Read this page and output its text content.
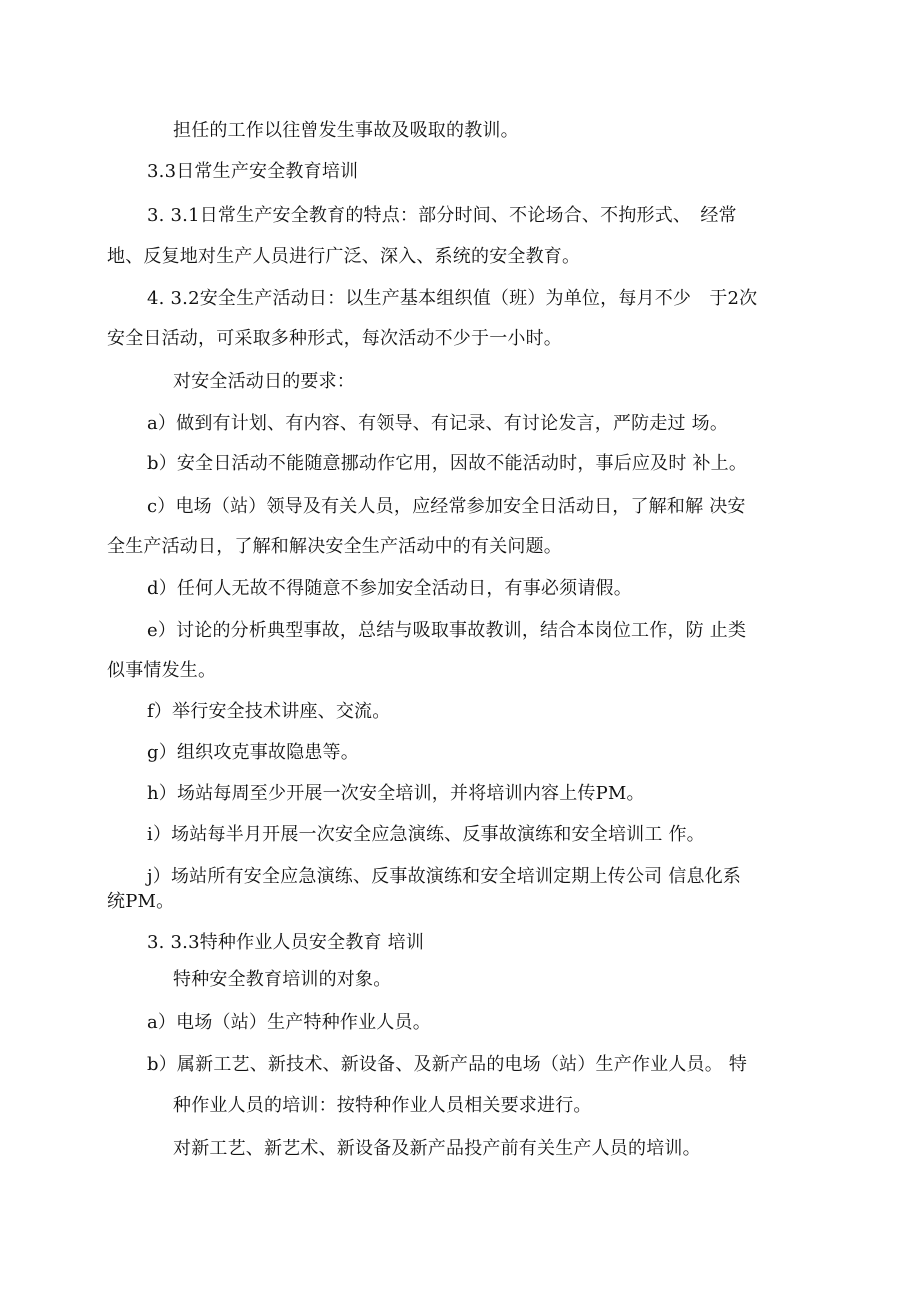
担任的工作以往曾发生事故及吸取的教训。
3.3日常生产安全教育培训
3. 3.1日常生产安全教育的特点：部分时间、不论场合、不拘形式、　经常
地、反复地对生产人员进行广泛、深入、系统的安全教育。
4. 3.2安全生产活动日：以生产基本组织值（班）为单位，每月不少　于2次
安全日活动，可采取多种形式，每次活动不少于一小时。
对安全活动日的要求：
a）做到有计划、有内容、有领导、有记录、有讨论发言，严防走过 场。
b）安全日活动不能随意挪动作它用，因故不能活动时，事后应及时 补上。
c）电场（站）领导及有关人员，应经常参加安全日活动日，了解和解 决安
全生产活动日，了解和解决安全生产活动中的有关问题。
d）任何人无故不得随意不参加安全活动日，有事必须请假。
e）讨论的分析典型事故，总结与吸取事故教训，结合本岗位工作，防 止类
似事情发生。
f）举行安全技术讲座、交流。
g）组织攻克事故隐患等。
h）场站每周至少开展一次安全培训，并将培训内容上传PM。
i）场站每半月开展一次安全应急演练、反事故演练和安全培训工 作。
j）场站所有安全应急演练、反事故演练和安全培训定期上传公司 信息化系
统PM。
3. 3.3特种作业人员安全教育 培训
特种安全教育培训的对象。
a）电场（站）生产特种作业人员。
b）属新工艺、新技术、新设备、及新产品的电场（站）生产作业人员。 特
种作业人员的培训：按特种作业人员相关要求进行。
对新工艺、新艺术、新设备及新产品投产前有关生产人员的培训。
